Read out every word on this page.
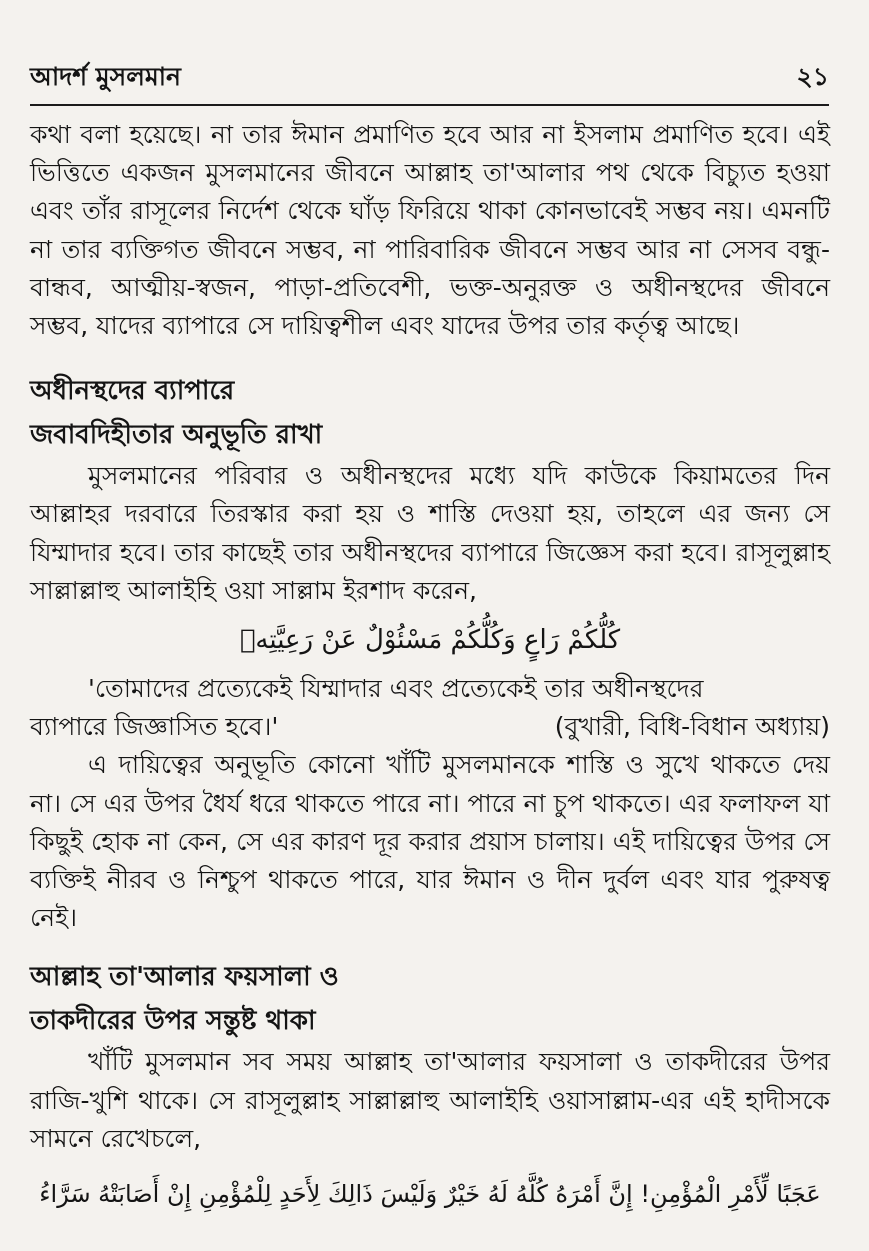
আদর্শ মুসলমান	২১

কথা বলা হয়েছে। না তার ঈমান প্রমাণিত হবে আর না ইসলাম প্রমাণিত হবে। এই ভিত্তিতে একজন মুসলমানের জীবনে আল্লাহ তা'আলার পথ থেকে বিচ্যুত হওয়া এবং তাঁর রাসূলের নির্দেশ থেকে ঘাঁড় ফিরিয়ে থাকা কোনভাবেই সম্ভব নয়। এমনটি না তার ব্যক্তিগত জীবনে সম্ভব, না পারিবারিক জীবনে সম্ভব আর না সেসব বন্ধু-বান্ধব, আত্মীয়-স্বজন, পাড়া-প্রতিবেশী, ভক্ত-অনুরক্ত ও অধীনস্থদের জীবনে সম্ভব, যাদের ব্যাপারে সে দায়িত্বশীল এবং যাদের উপর তার কর্তৃত্ব আছে।

অধীনস্থদের ব্যাপারে

জবাবদিহীতার অনুভূতি রাখা

মুসলমানের পরিবার ও অধীনস্থদের মধ্যে যদি কাউকে কিয়ামতের দিন আল্লাহর দরবারে তিরস্কার করা হয় ও শাস্তি দেওয়া হয়, তাহলে এর জন্য সে যিম্মাদার হবে। তার কাছেই তার অধীনস্থদের ব্যাপারে জিজ্ঞেস করা হবে। রাসূলুল্লাহ সাল্লাল্লাহু আলাইহি ওয়া সাল্লাম ইরশাদ করেন,

كُلُّكُمْ رَاعٍ وَكُلُّكُمْ مَسْئُوْلٌ عَنْ رَعِيَّتِهٖ

'তোমাদের প্রত্যেকেই যিম্মাদার এবং প্রত্যেকেই তার অধীনস্থদের

ব্যাপারে জিজ্ঞাসিত হবে।'	(বুখারী, বিধি-বিধান অধ্যায়)

এ দায়িত্বের অনুভূতি কোনো খাঁটি মুসলমানকে শাস্তি ও সুখে থাকতে দেয় না। সে এর উপর ধৈর্য ধরে থাকতে পারে না। পারে না চুপ থাকতে। এর ফলাফল যা কিছুই হোক না কেন, সে এর কারণ দূর করার প্রয়াস চালায়। এই দায়িত্বের উপর সে ব্যক্তিই নীরব ও নিশ্চুপ থাকতে পারে, যার ঈমান ও দীন দুর্বল এবং যার পুরুষত্ব নেই।

আল্লাহ তা'আলার ফয়সালা ও

তাকদীরের উপর সন্তুষ্ট থাকা

খাঁটি মুসলমান সব সময় আল্লাহ তা'আলার ফয়সালা ও তাকদীরের উপর রাজি-খুশি থাকে। সে রাসূলুল্লাহ সাল্লাল্লাহু আলাইহি ওয়াসাল্লাম-এর এই হাদীসকে সামনে রেখেচলে,

عَجَبًا لِّأَمْرِ الْمُؤْمِنِ! إِنَّ أَمْرَهُ كُلَّهُ لَهُ خَيْرٌ وَلَيْسَ ذَالِكَ لِأَحَدٍ لِلْمُؤْمِنِ إِنْ أَصَابَتْهُ سَرَّاءُ
